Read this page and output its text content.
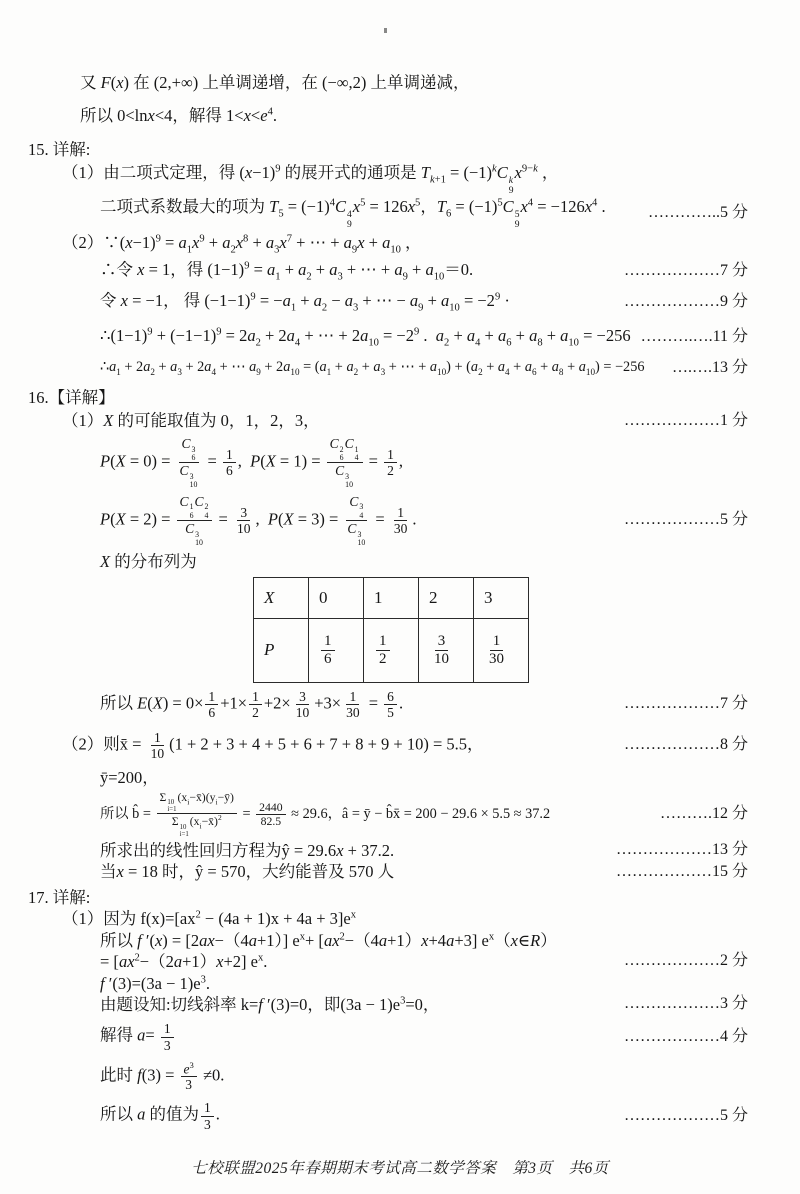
又 F(x) 在 (2,+∞) 上单调递增，在 (−∞,2) 上单调递减，
所以 0<lnx<4，解得 $1<x<e^4$.
15. 详解:
（1）由二项式定理，得 $(x-1)^9$ 的展开式的通项是 $T_{k+1} = (-1)^kC$ k
9
$x^{9-k}$ ，
二项式系数最大的项为 $T_5 = (-1)^4C$ 4
9
$x^5 = 126x^5$，$T_6 = (-1)^5C$ 5
9
$x^4 = -126x^4$ .	…………..5 分
$(2)\because(x-1)^9 = a_1x^9 + a_2x^8 + a_3x^7$ + ⋯ + $a_9x + a_{10}$ ，
∴令 x = 1，得 $(1-1)^9 = a_1 + a_2 + a_3$ + ⋯ + $a_9 + a_{10}=0$.	………………7 分
令 x = −1， 得 $(-1-1)^9 = -a_1 + a_2 - a_3$ + ⋯ − $a_9 + a_{10} = -2^9$ ·	………………9 分
$\therefore(1-1)^9 + (-1-1)^9 = 2a_2 + 2a_4$ + ⋯ + $2a_{10} = -2^9$ .  $a_2 + a_4 + a_6 + a_8 + a_{10} = -256$ ……….….11 分
$\therefore a_1 + 2a_2 + a_3 + 2a_4$ + ⋯ $a_9 + 2a_{10} = (a_1 + a_2 + a_3$ + ⋯ + $a_{10}) + (a_2 + a_4 + a_6 + a_8 + a_{10}) = -256$	….….13 分
16.【详解】
（1）X 的可能取值为 0，1，2，3，	………………1 分
P(X = 0) = C 3
6
C 3
$10 = \frac{1}{6}$ ,  P(X = 1) = C 2
6
C 1
4
C 3
$10 = \frac{1}{2}$ ,
P(X = 2) = C 1
6
C 2
4
C 3
$10 = \frac{3}{10}$ ,  P(X = 3) = C 3
4
C 3
$10 = \frac{1}{30}$ .	………………5 分
X 的分布列为
X	0	1	2	3
P	$\frac{1}{6}$	$\frac{1}{2}$	$\frac{3}{10}$	$\frac{1}{30}$
所以 $E(X) = 0\times \frac{1}{6} +1\times \frac{1}{2} +2\times \frac{3}{10} +3\times \frac{1}{30} = \frac{6}{5}$ .	………………7 分
（2）则x̄ = $\frac{1}{10} (1 + 2 + 3 + 4 + 5 + 6 + 7 + 8 + 9 + 10) = 5.5$，	………………8 分
ȳ=200，
所以 b̂ = Σ 10
i=1
$(x_i-x̄)(y_i-ȳ)$
Σ 10
i=1
$(x_i-x̄)^2 = \frac{2440}{82.5} \approx 29.6$，â = ȳ − b̂x̄ = 200 − 29.6 × 5.5 ≈ 37.2	……….12 分
所求出的线性回归方程为ŷ = 29.6x + 37.2.	………………13 分
当x = 18 时，ŷ = 570，大约能普及 570 人	………………15 分
17. 详解:
（1）因为 $f(x)=[ax^2 - (4a + 1)x + 4a + 3]e^x$
所以 f ′(x) = [2ax−（4a+1）] $e^x+ [ax^2-(4a+1)x+4a+3]$ $e^x(x\in R)$
= $[ax^2-(2a+1)x+2]$ $e^x$.	………………2 分
f $'(3)=(3a - 1)e^3$.
由题设知:切线斜率 k=f ′(3)=0，即$(3a - 1)e^3=0$，	………………3 分
解得 $a= \frac{1}{3}$	………………4 分
此时 $f(3) = \frac{e^3}{3} \ne 0$.
所以 a 的值为 $\frac{1}{3}$ .	………………5 分
七校联盟2025年春期期末考试高二数学答案　第3页　共6页
